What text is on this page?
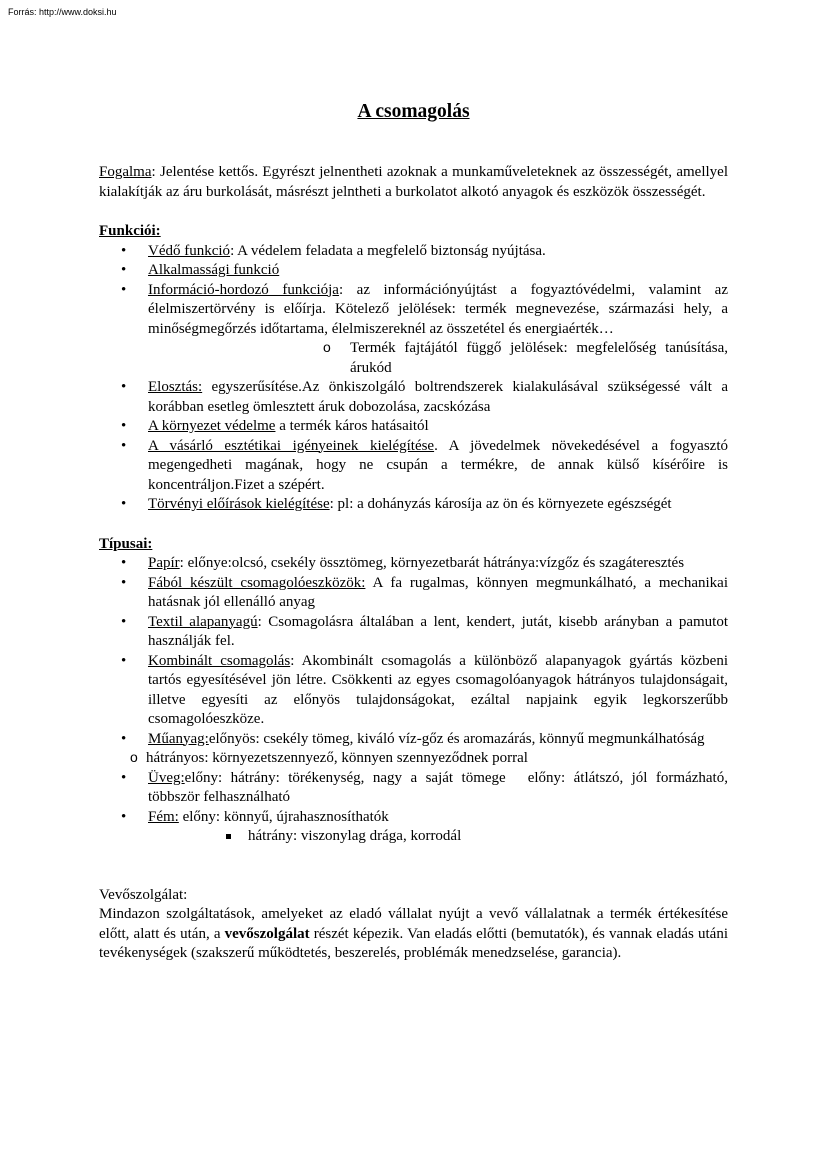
Forrás: http://www.doksi.hu
A csomagolás

Fogalma: Jelentése kettős. Egyrészt jelnentheti azoknak a munkaműveleteknek az összességét, amellyel kialakítják az áru burkolását, másrészt jelntheti a burkolatot alkotó anyagok és eszközök összességét.

Funkciói:
• Védő funkció: A védelem feladata a megfelelő biztonság nyújtása.
• Alkalmassági funkció
• Információ-hordozó funkciója: az információnyújtást a fogyaztóvédelmi, valamint az élelmiszertörvény is előírja. Kötelező jelölések: termék megnevezése, származási hely, a minőségmegőrzés időtartama, élelmiszereknél az összetétel és energiaérték…
o Termék fajtájától függő jelölések: megfelelőség tanúsítása, árukód
• Elosztás: egyszerűsítése.Az önkiszolgáló boltrendszerek kialakulásával szükségessé vált a korábban esetleg ömlesztett áruk dobozolása, zacskózása
• A környezet védelme a termék káros hatásaitól
• A vásárló esztétikai igényeinek kielégítése. A jövedelmek növekedésével a fogyasztó megengedheti magának, hogy ne csupán a termékre, de annak külső kísérőire is koncentráljon.Fizet a szépért.
• Törvényi előírások kielégítése: pl: a dohányzás károsíja az ön és környezete egészségét
Típusai:
• Papír: előnye:olcsó, csekély össztömeg, környezetbarát hátránya:vízgőz és szagáteresztés
• Fából készült csomagolóeszközök: A fa rugalmas, könnyen megmunkálható, a mechanikai hatásnak jól ellenálló anyag
• Textil alapanyagú: Csomagolásra általában a lent, kendert, jutát, kisebb arányban a pamutot használják fel.
• Kombinált csomagolás: Akombinált csomagolás a különböző alapanyagok gyártás közbeni tartós egyesítésével jön létre. Csökkenti az egyes csomagolóanyagok hátrányos tulajdonságait, illetve egyesíti az előnyös tulajdonságokat, ezáltal napjaink egyik legkorszerűbb csomagolóeszköze.
• Műanyag:előnyös: csekély tömeg, kiváló víz-gőz és aromazárás, könnyű megmunkálhatóság
o hátrányos: környezetszennyező, könnyen szennyeződnek porral
• Üveg:előny: hátrány: törékenység, nagy a saját tömege előny: átlátszó, jól formázható, többször felhasználható
• Fém: előny: könnyű, újrahasznosíthatók
hátrány: viszonylag drága, korrodál
Vevőszolgálat:

Mindazon szolgáltatások, amelyeket az eladó vállalat nyújt a vevő vállalatnak a termék értékesítése előtt, alatt és után, a vevőszolgálat részét képezik. Van eladás előtti (bemutatók), és vannak eladás utáni tevékenységek (szakszerű működtetés, beszerelés, problémák menedzselése, garancia).
